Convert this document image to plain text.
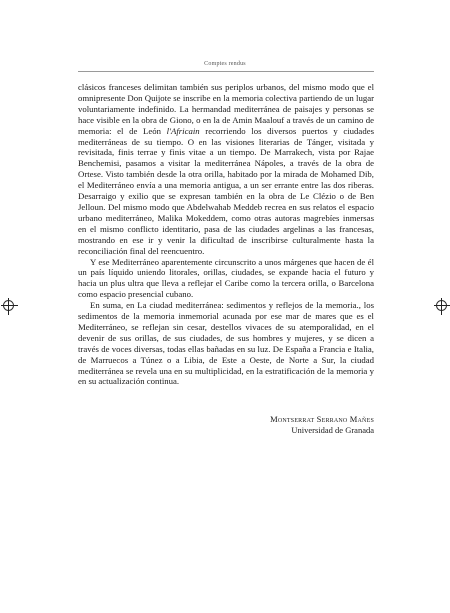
Comptes rendus

clásicos franceses delimitan también sus periplos urbanos, del mismo modo que el omnipresente Don Quijote se inscribe en la memoria colectiva partiendo de un lugar voluntariamente indefinido. La hermandad mediterránea de paisajes y personas se hace visible en la obra de Giono, o en la de Amin Maalouf a través de un camino de memoria: el de León l'Africain recorriendo los diversos puertos y ciudades mediterráneas de su tiempo. O en las visiones literarias de Tánger, visitada y revisitada, finis terrae y finis vitae a un tiempo. De Marrakech, vista por Rajae Benchemisi, pasamos a visitar la mediterránea Nápoles, a través de la obra de Ortese. Visto también desde la otra orilla, habitado por la mirada de Mohamed Dib, el Mediterráneo envía a una memoria antigua, a un ser errante entre las dos riberas. Desarraigo y exilio que se expresan también en la obra de Le Clézio o de Ben Jelloun. Del mismo modo que Abdelwahab Meddeb recrea en sus relatos el espacio urbano mediterráneo, Malika Mokeddem, como otras autoras magrebíes inmersas en el mismo conflicto identitario, pasa de las ciudades argelinas a las francesas, mostrando en ese ir y venir la dificultad de inscribirse culturalmente hasta la reconciliación final del reencuentro.

Y ese Mediterráneo aparentemente circunscrito a unos márgenes que hacen de él un país líquido uniendo litorales, orillas, ciudades, se expande hacia el futuro y hacia un plus ultra que lleva a reflejar el Caribe como la tercera orilla, o Barcelona como espacio presencial cubano.

En suma, en La ciudad mediterránea: sedimentos y reflejos de la memoria., los sedimentos de la memoria inmemorial acunada por ese mar de mares que es el Mediterráneo, se reflejan sin cesar, destellos vivaces de su atemporalidad, en el devenir de sus orillas, de sus ciudades, de sus hombres y mujeres, y se dicen a través de voces diversas, todas ellas bañadas en su luz. De España a Francia e Italia, de Marruecos a Túnez o a Libia, de Este a Oeste, de Norte a Sur, la ciudad mediterránea se revela una en su multiplicidad, en la estratificación de la memoria y en su actualización continua.

Montserrat Serrano Mañes
Universidad de Granada
